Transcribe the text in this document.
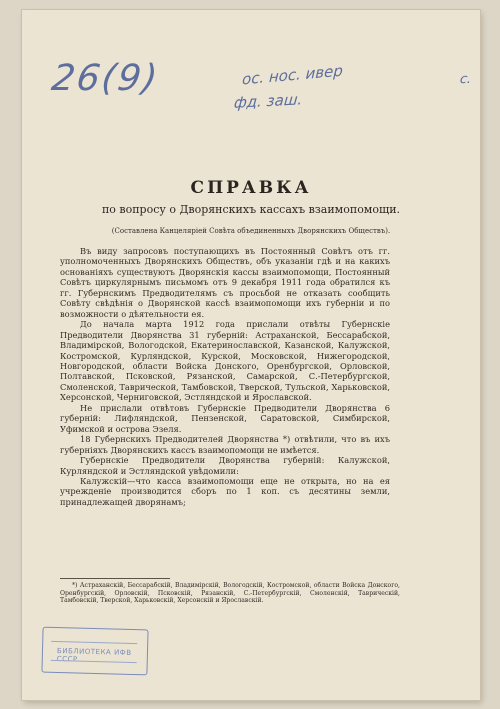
26(9)	ос. нос. ивер
фд. заш.
c.
СПРАВКА
по вопросу о Дворянскихъ кассахъ взаимопомощи.
(Составлена Канцеляріей Совѣта объединенныхъ Дворянскихъ Обществъ).

Въ виду запросовъ поступающихъ въ Постоянный Совѣтъ отъ гг. уполномоченныхъ Дворянскихъ Обществъ, объ указаніи гдѣ и на какихъ основаніяхъ существуютъ Дворянскія кассы взаимопомощи, Постоянный Совѣтъ циркулярнымъ письмомъ отъ 9 декабря 1911 года обратился къ гг. Губернскимъ Предводителямъ съ просьбой не отказать сообщить Совѣту свѣдѣнія о Дворянской кассѣ взаимопомощи ихъ губерніи и по возможности о дѣятельности ея.

До начала марта 1912 года прислали отвѣты Губернскіе Предводители Дворянства 31 губерній: Астраханской, Бессарабской, Владимірской, Вологодской, Екатеринославской, Казанской, Калужской, Костромской, Курляндской, Курской, Московской, Нижегородской, Новгородской, области Войска Донского, Оренбургской, Орловской, Полтавской, Псковской, Рязанской, Самарской, С.-Петербургской, Смоленской, Таврической, Тамбовской, Тверской, Тульской, Харьковской, Херсонской, Черниговской, Эстляндской и Ярославской.

Не прислали отвѣтовъ Губернскіе Предводители Дворянства 6 губерній: Лифляндской, Пензенской, Саратовской, Симбирской, Уфимской и острова Эзеля.

18 Губернскихъ Предводителей Дворянства *) отвѣтили, что въ ихъ губерніяхъ Дворянскихъ кассъ взаимопомощи не имѣется.

Губернскіе Предводители Дворянства губерній: Калужской, Курляндской и Эстляндской увѣдомили:

Калужскій—что касса взаимопомощи еще не открыта, но на ея учрежденіе производится сборъ по 1 коп. съ десятины земли, принадлежащей дворянамъ;

*) Астраханскій, Бессарабскій, Владимірскій, Вологодскій, Костромской, области Войска Донского, Оренбургскій, Орловскій, Псковскій, Рязанскій, С.-Петербургскій, Смоленскій, Таврическій, Тамбовскій, Тверской, Харьковскій, Херсонскій и Ярославскій.

БИБЛИОТЕКА ИФВ СССР
